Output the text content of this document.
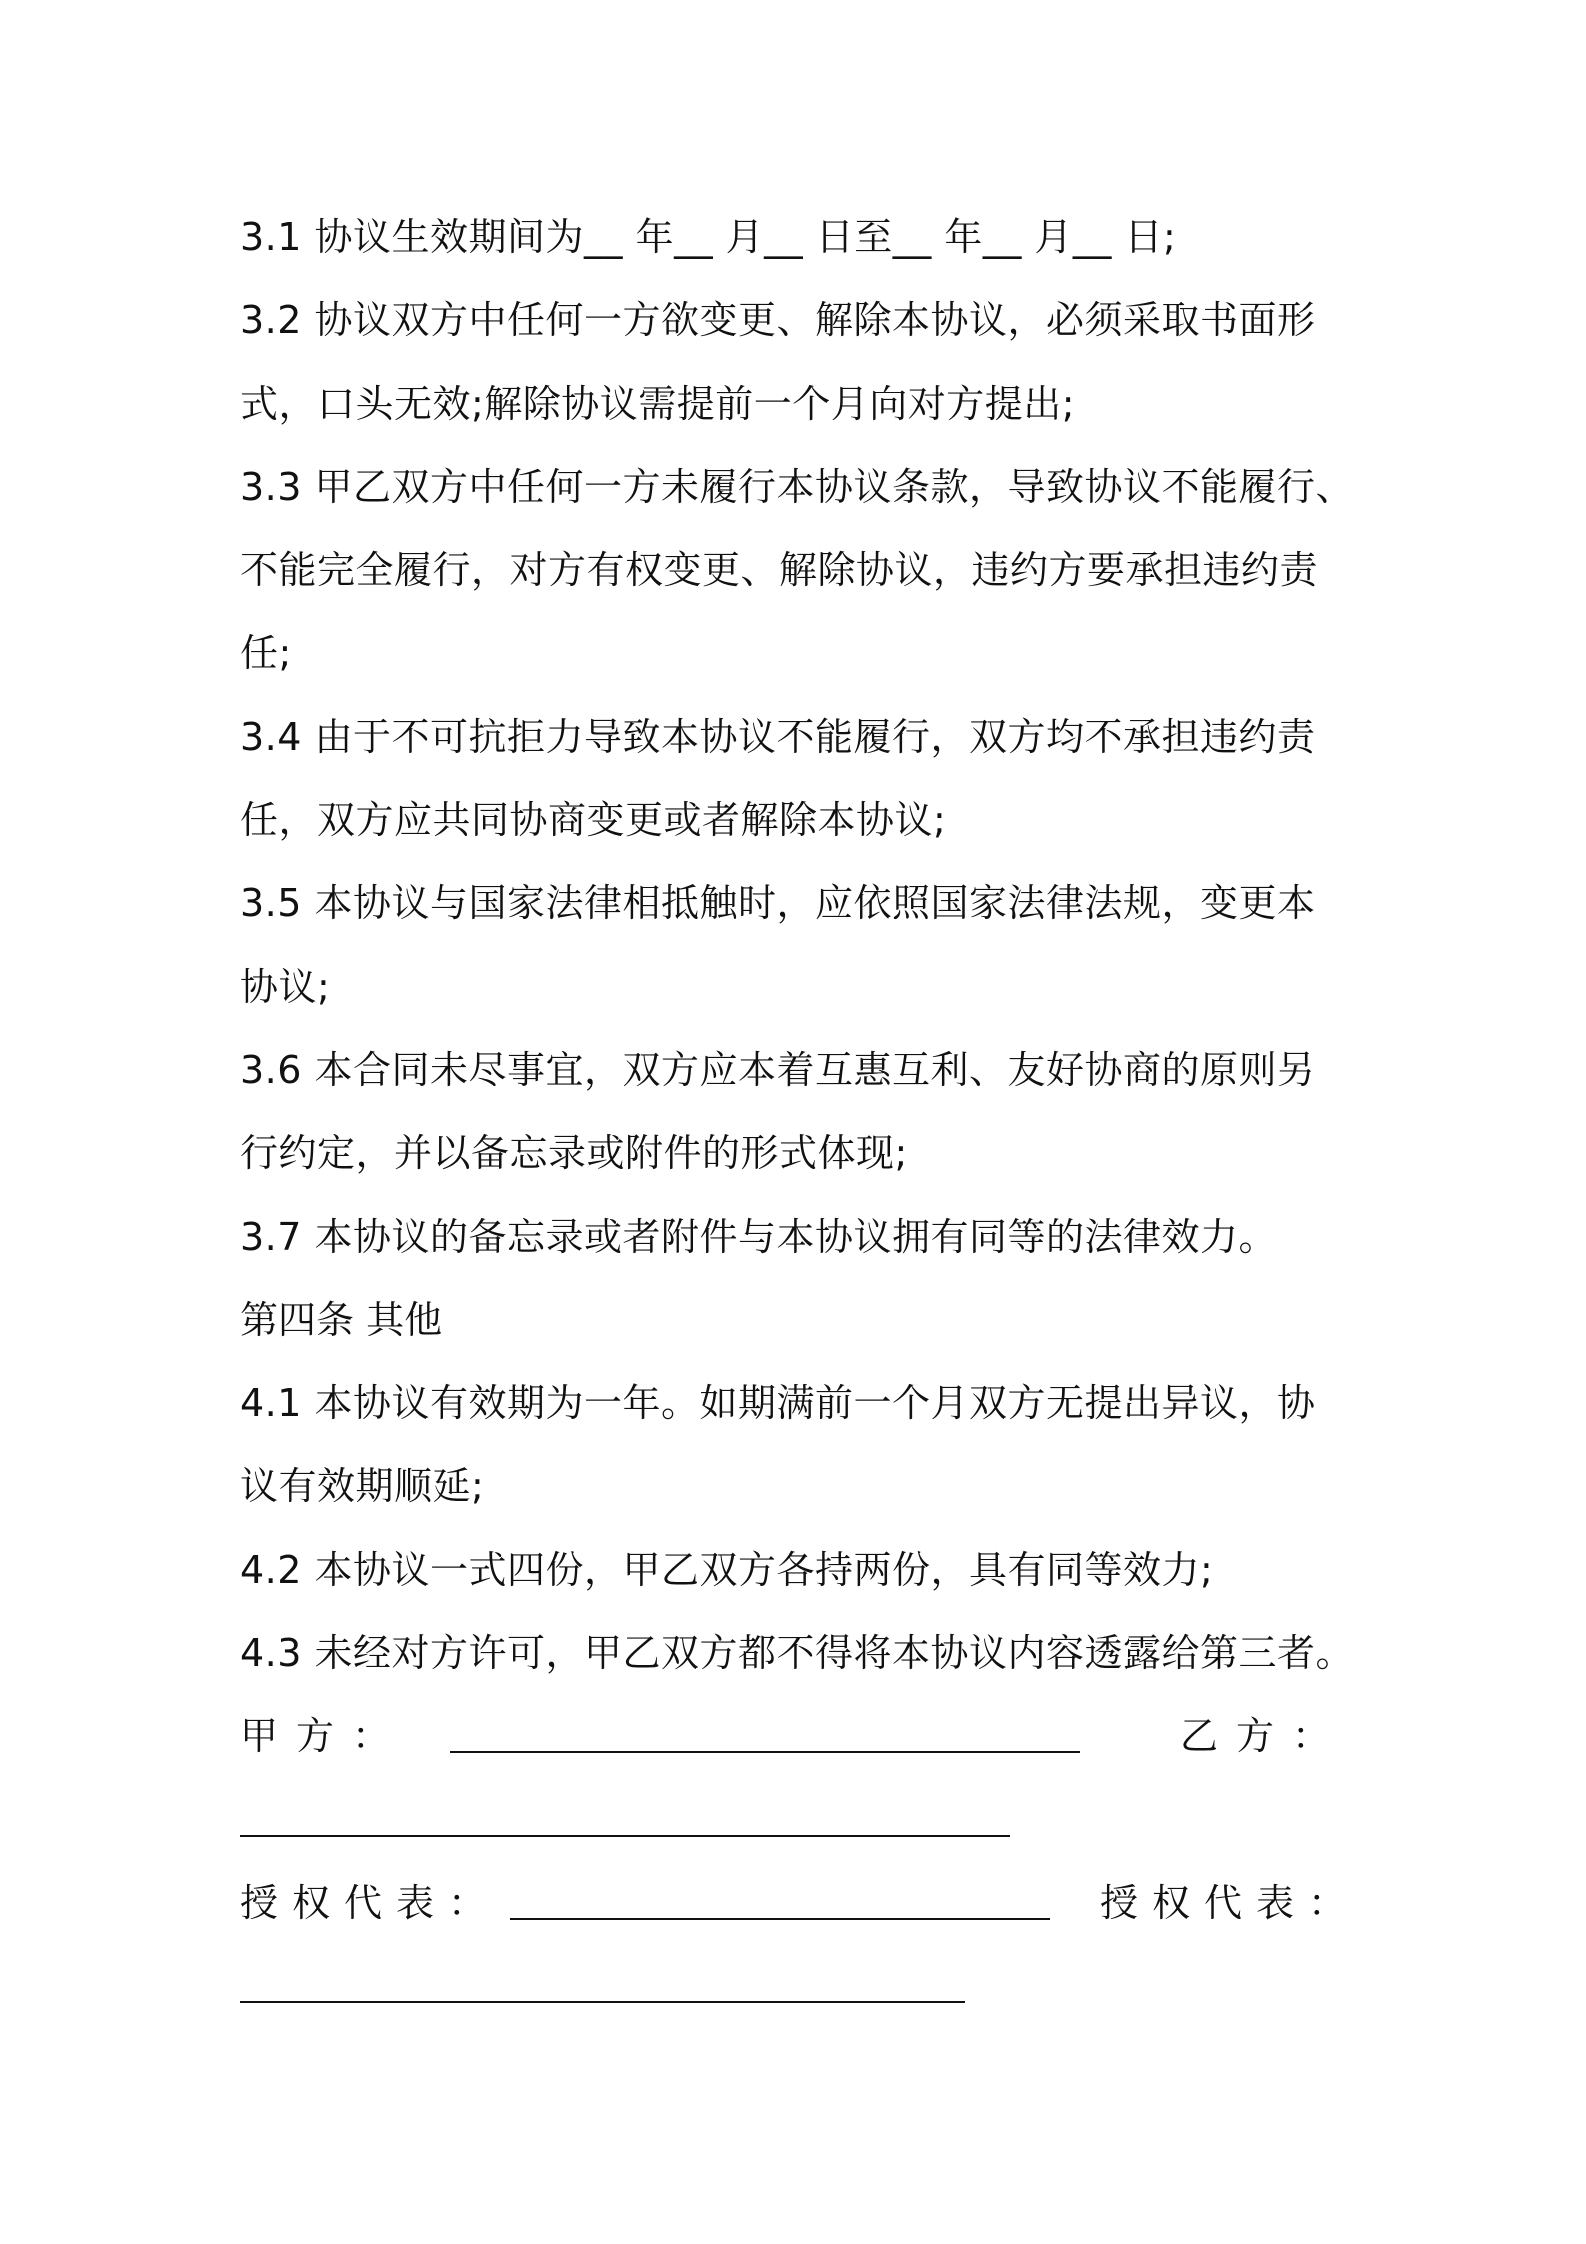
3.1 协议生效期间为__ 年__ 月__ 日至__ 年__ 月__ 日;
3.2 协议双方中任何一方欲变更、解除本协议，必须采取书面形
式，口头无效;解除协议需提前一个月向对方提出;
3.3 甲乙双方中任何一方未履行本协议条款，导致协议不能履行、
不能完全履行，对方有权变更、解除协议，违约方要承担违约责
任;
3.4 由于不可抗拒力导致本协议不能履行，双方均不承担违约责
任，双方应共同协商变更或者解除本协议;
3.5 本协议与国家法律相抵触时，应依照国家法律法规，变更本
协议;
3.6 本合同未尽事宜，双方应本着互惠互利、友好协商的原则另
行约定，并以备忘录或附件的形式体现;
3.7 本协议的备忘录或者附件与本协议拥有同等的法律效力。
第四条 其他
4.1 本协议有效期为一年。如期满前一个月双方无提出异议，协
议有效期顺延;
4.2 本协议一式四份，甲乙双方各持两份，具有同等效力;
4.3 未经对方许可，甲乙双方都不得将本协议内容透露给第三者。
甲方：	乙方：
授权代表：	授权代表：
